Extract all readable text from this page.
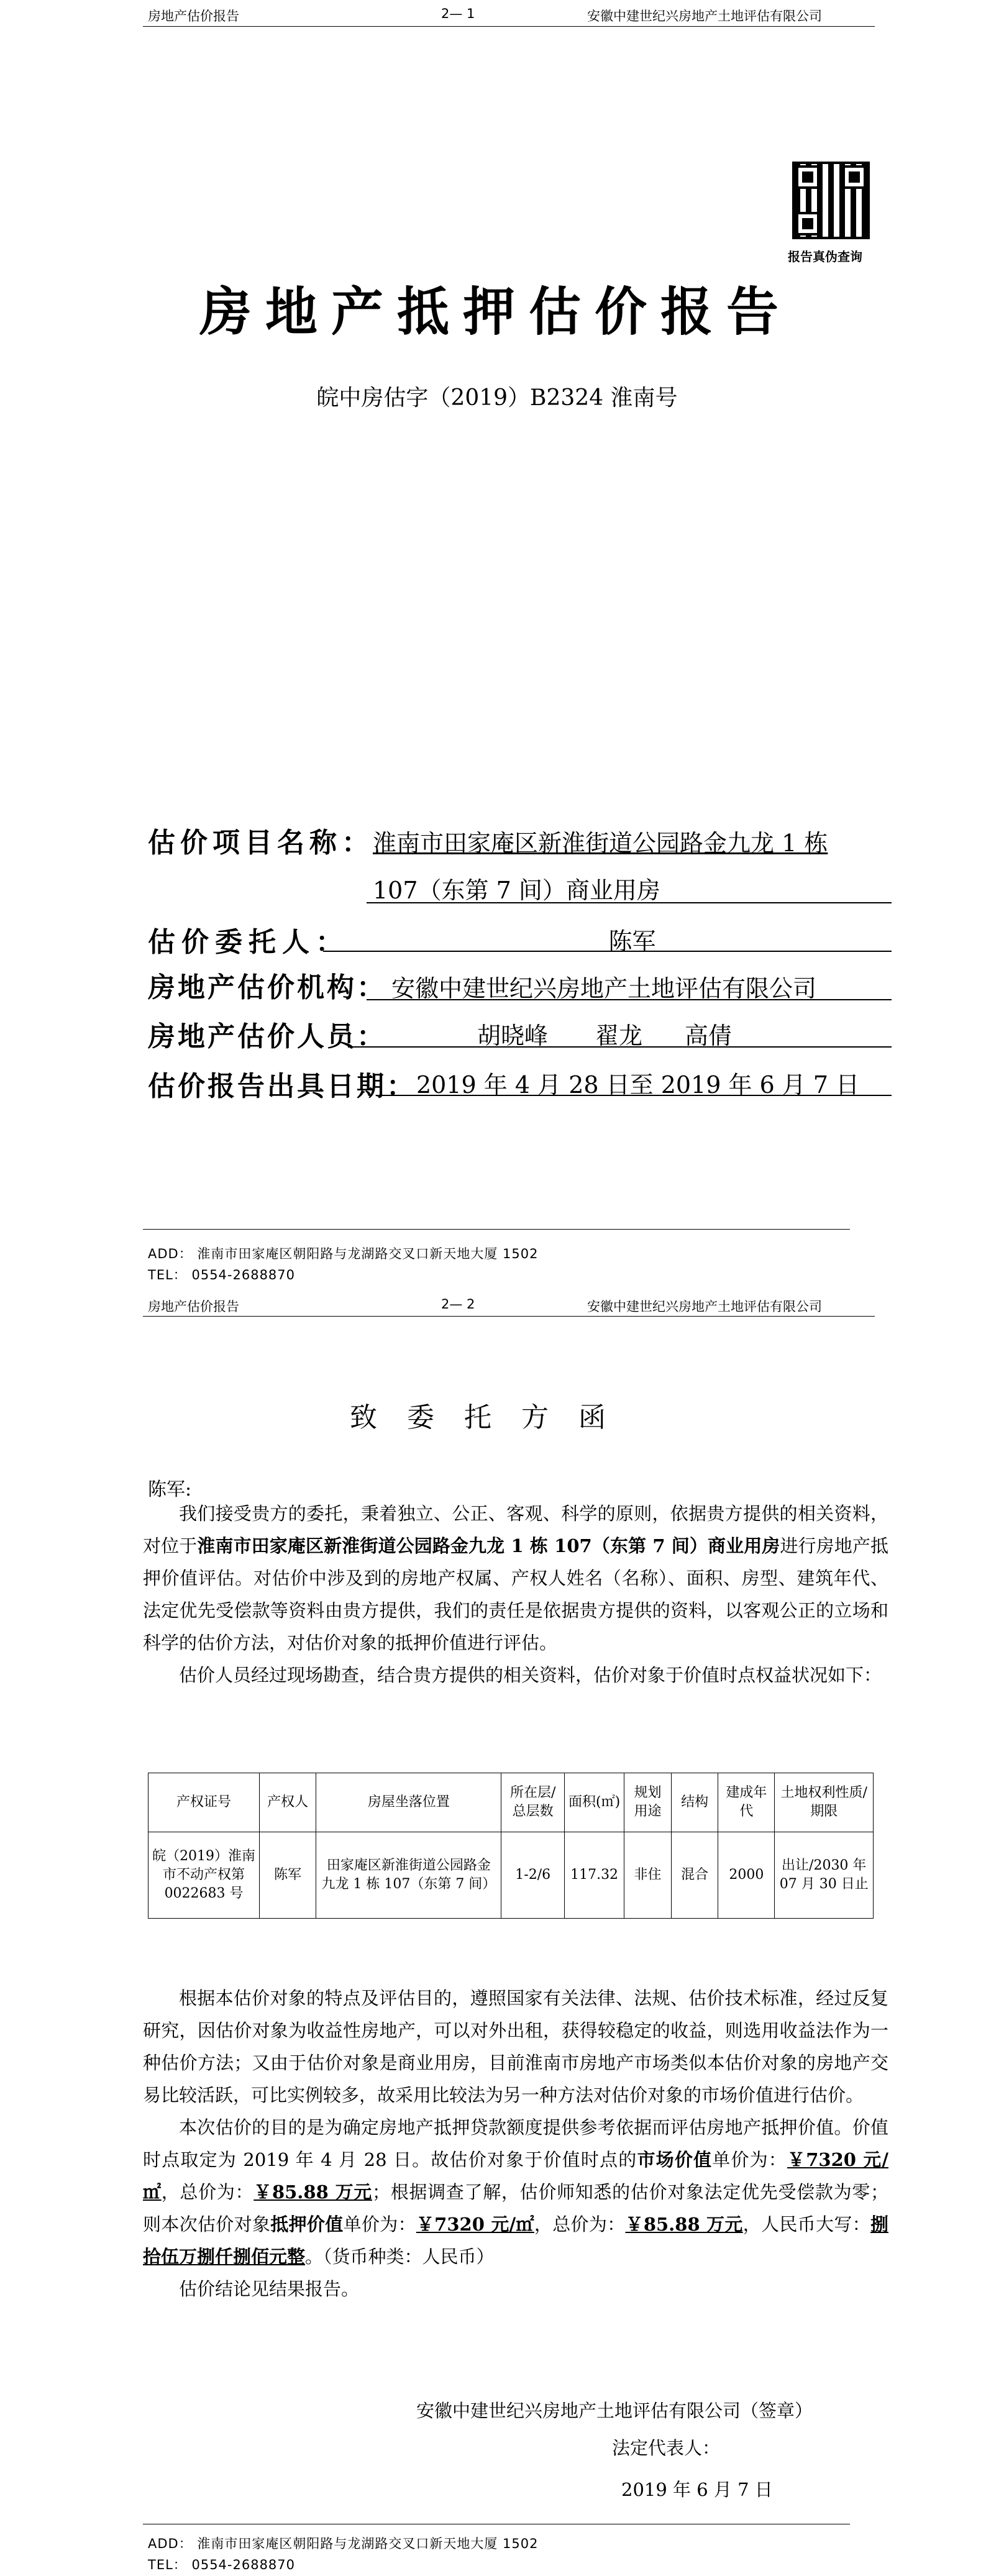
房地产估价报告	2— 1	安徽中建世纪兴房地产土地评估有限公司
报告真伪查询
房地产抵押估价报告
皖中房估字（2019）B2324 淮南号
估价项目名称：
淮南市田家庵区新淮街道公园路金九龙 1 栋
107（东第 7 间）商业用房
估价委托人：	陈军
房地产估价机构： 安徽中建世纪兴房地产土地评估有限公司
房地产估价人员：	胡晓峰 翟龙 高倩
估价报告出具日期： 2019 年 4 月 28 日至 2019 年 6 月 7 日
ADD： 淮南市田家庵区朝阳路与龙湖路交叉口新天地大厦 1502
TEL： 0554-2688870
房地产估价报告	2— 2	安徽中建世纪兴房地产土地评估有限公司
致委托方函
陈军:

我们接受贵方的委托，秉着独立、公正、客观、科学的原则，依据贵方提供的相关资料，对位于淮南市田家庵区新淮街道公园路金九龙 1 栋 107（东第 7 间）商业用房进行房地产抵押价值评估。对估价中涉及到的房地产权属、产权人姓名（名称）、面积、房型、建筑年代、法定优先受偿款等资料由贵方提供，我们的责任是依据贵方提供的资料，以客观公正的立场和科学的估价方法，对估价对象的抵押价值进行评估。

估价人员经过现场勘查，结合贵方提供的相关资料，估价对象于价值时点权益状况如下：

产权证号	产权人	房屋坐落位置	所在层/总层数	面积(㎡)	规划用途	结构	建成年代	土地权利性质/期限
皖（2019）淮南市不动产权第 0022683 号	陈军	田家庵区新淮街道公园路金九龙 1 栋 107（东第 7 间）	1-2/6	117.32	非住	混合	2000	出让/2030 年 07 月 30 日止

根据本估价对象的特点及评估目的，遵照国家有关法律、法规、估价技术标准，经过反复研究，因估价对象为收益性房地产，可以对外出租，获得较稳定的收益，则选用收益法作为一种估价方法；又由于估价对象是商业用房，目前淮南市房地产市场类似本估价对象的房地产交易比较活跃，可比实例较多，故采用比较法为另一种方法对估价对象的市场价值进行估价。

本次估价的目的是为确定房地产抵押贷款额度提供参考依据而评估房地产抵押价值。价值时点取定为 2019 年 4 月 28 日。故估价对象于价值时点的市场价值单价为：￥7320 元/㎡，总价为：￥85.88 万元；根据调查了解，估价师知悉的估价对象法定优先受偿款为零；则本次估价对象抵押价值单价为：￥7320 元/㎡，总价为：￥85.88 万元，人民币大写：捌拾伍万捌仟捌佰元整。（货币种类：人民币）

估价结论见结果报告。

安徽中建世纪兴房地产土地评估有限公司（签章）
法定代表人：
2019 年 6 月 7 日
ADD： 淮南市田家庵区朝阳路与龙湖路交叉口新天地大厦 1502
TEL： 0554-2688870
